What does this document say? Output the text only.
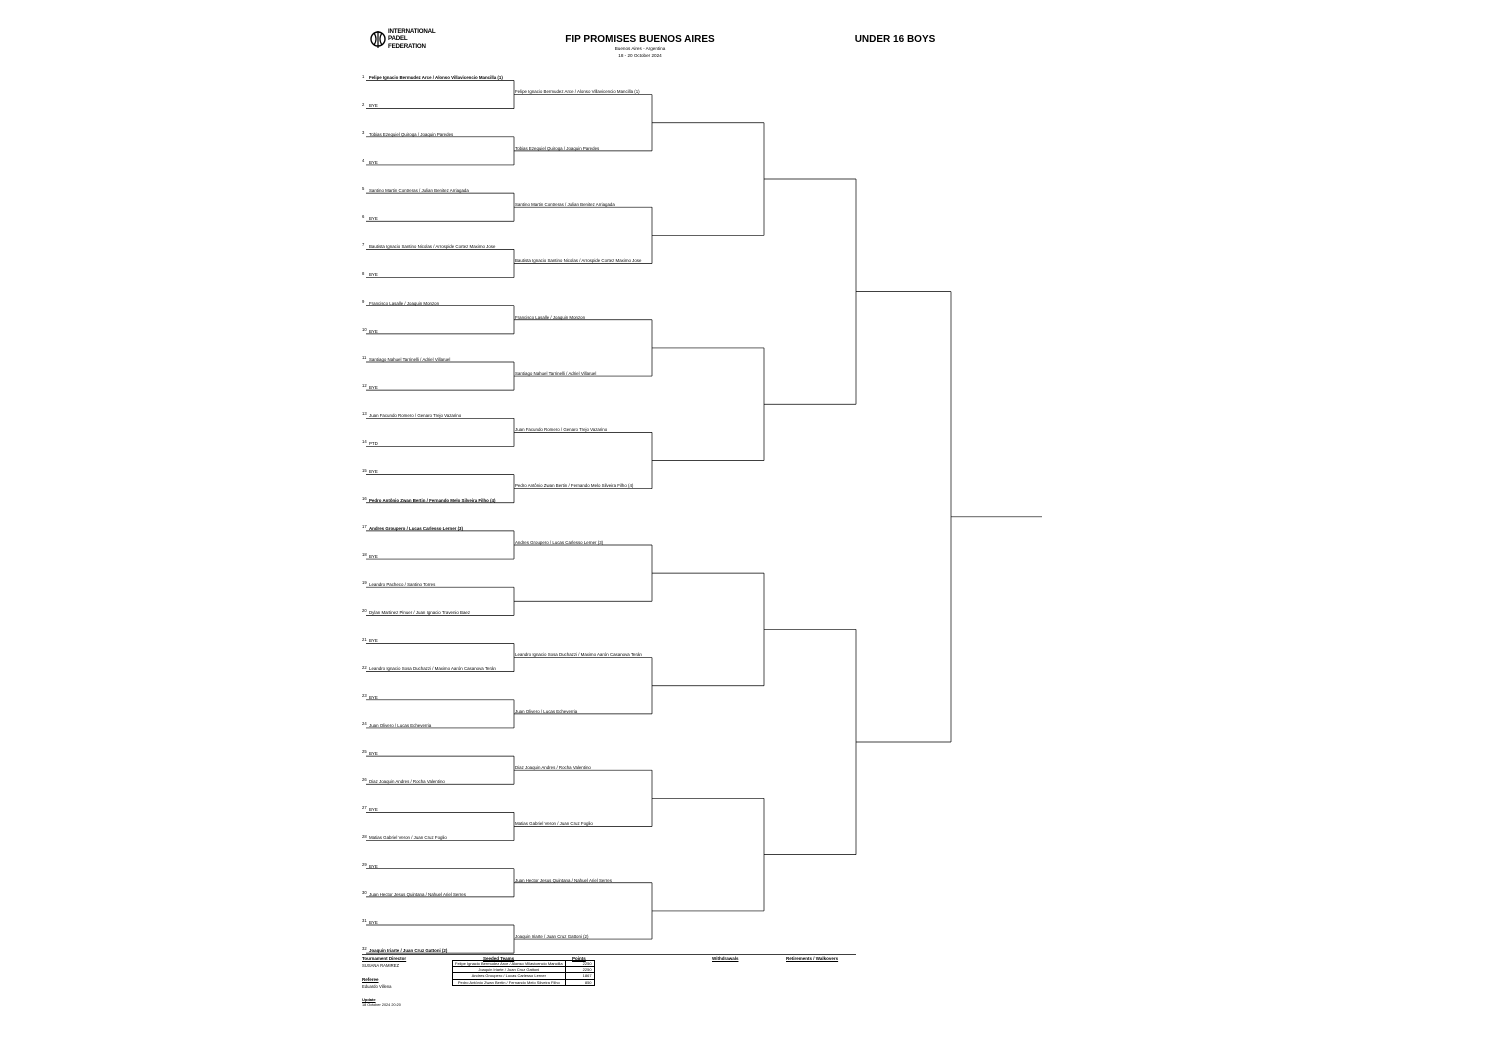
INTERNATIONAL
PADEL
FEDERATION
FIP PROMISES BUENOS AIRES
Buenos Aires - Argentina
18 - 20 October 2024
UNDER 16 BOYS
1 Felipe Ignacio Bermudez Arce / Alonso Villavicencio Mancilla (1)
2 BYE
3 Tobias Ezequiel Quiroga / Joaquin Paredes
4 BYE
5 Santino Martin Contreras / Julian Benitez Arriagada
6 BYE
7 Bautista Ignacio Santino Nicolas / Arrospide Cortez Maximo Jose
8 BYE
9 Francisco Lasalle / Joaquin Monzon
10 BYE
11 Santiago Nahuel Tarrinelli / Adriel Villaruel
12 BYE
13 Juan Facundo Romero / Genaro Trejo Vazarino
14 PTD
15 BYE
16 Pedro Antônio Zwan Bertin / Fernando Melo Silveira Filho (4)
17 Andres Groupero / Lucas Carlesso Lerner (3)
18 BYE
19 Leandro Pacheco / Santino Torres
20 Dylan Martinez Pinuer / Juan Ignacio Travenio Baez
21 BYE
22 Leandro Ignacio Sosa Duchazzi / Maximo Aarón Casanova Terán
23 BYE
24 Juan Olivero / Lucas Echeverria
25 BYE
26 Diaz Joaquin Andres / Rocha Valentino
27 BYE
28 Matias Gabriel Veron / Juan Cruz Foglio
29 BYE
30 Juan Hector Jesus Quintana / Nahuel Ariel Serres
31 BYE
32 Joaquin Iriarte / Juan Cruz Gattoni (2)
Felipe Ignacio Bermudez Arce / Alonso Villavicencio Mancilla (1)
Tobias Ezequiel Quiroga / Joaquin Paredes
Santino Martin Contreras / Julian Benitez Arriagada
Bautista Ignacio Santino Nicolas / Arrospide Cortez Maximo Jose
Francisco Lasalle / Joaquin Monzon
Santiago Nahuel Tarrinelli / Adriel Villaruel
Juan Facundo Romero / Genaro Trejo Vazarino
Pedro Antônio Zwan Bertin / Fernando Melo Silveira Filho (4)
Andres Groupero / Lucas Carlesso Lerner (3)
Leandro Ignacio Sosa Duchazzi / Maximo Aarón Casanova Terán
Juan Olivero / Lucas Echeverria
Diaz Joaquin Andres / Rocha Valentino
Matias Gabriel Veron / Juan Cruz Foglio
Juan Hector Jesus Quintana / Nahuel Ariel Serres
Joaquin Iriarte / Juan Cruz Gattoni (2)
Tournament Director
SUSANA RAMIREZ
Referee
Eduardo Villena
Update
18 October 2024 20:20
Seeded Teams	Points	Withdrawals	Retirements / Walkovers
Felipe Ignacio Bermudez Arce / Alonso Villavicencio Mancilla	2250
Joaquin Iriarte / Juan Cruz Gattoni	2250
Andres Groupero / Lucas Carlesso Lerner	1867
Pedro Antônio Zwan Bertin / Fernando Melo Silveira Filho	850
